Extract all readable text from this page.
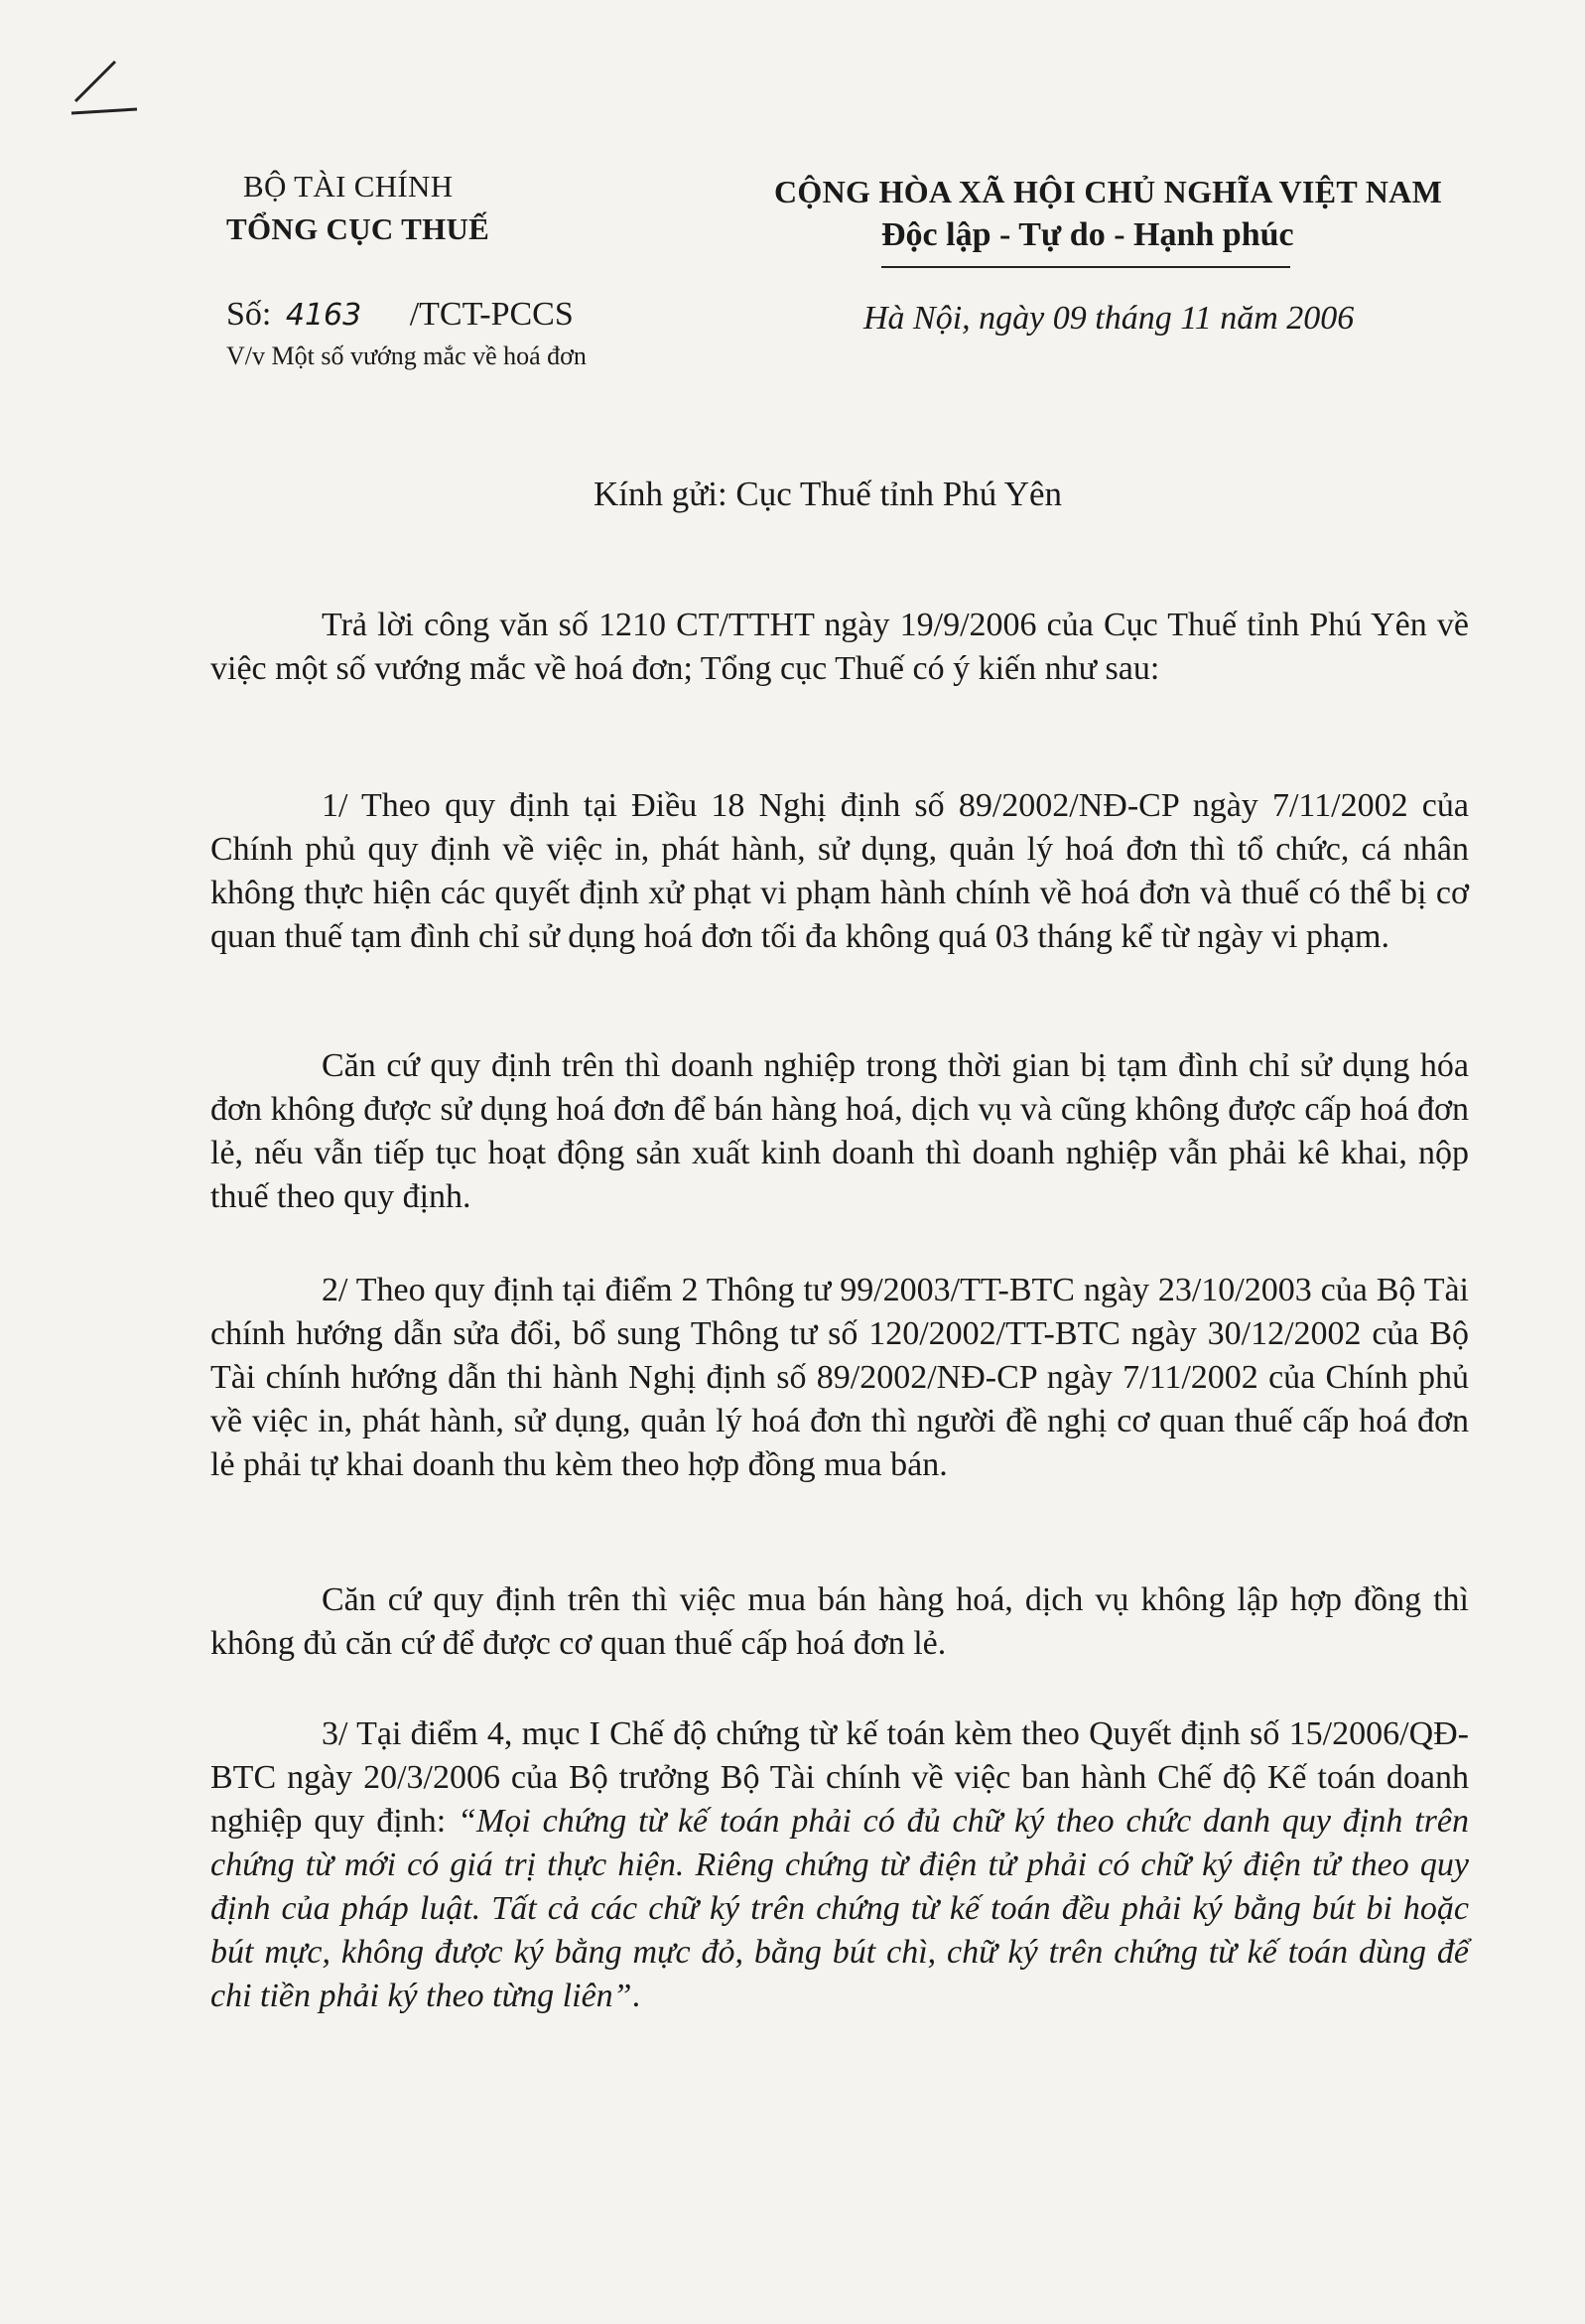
BỘ TÀI CHÍNH
TỔNG CỤC THUẾ
Số: 4163 /TCT-PCCS
V/v Một số vướng mắc về hoá đơn
CỘNG HÒA XÃ HỘI CHỦ NGHĨA VIỆT NAM
Độc lập - Tự do - Hạnh phúc
Hà Nội, ngày 09 tháng 11 năm 2006
Kính gửi: Cục Thuế tỉnh Phú Yên

Trả lời công văn số 1210 CT/TTHT ngày 19/9/2006 của Cục Thuế tỉnh Phú Yên về việc một số vướng mắc về hoá đơn; Tổng cục Thuế có ý kiến như sau:

1/ Theo quy định tại Điều 18 Nghị định số 89/2002/NĐ-CP ngày 7/11/2002 của Chính phủ quy định về việc in, phát hành, sử dụng, quản lý hoá đơn thì tổ chức, cá nhân không thực hiện các quyết định xử phạt vi phạm hành chính về hoá đơn và thuế có thể bị cơ quan thuế tạm đình chỉ sử dụng hoá đơn tối đa không quá 03 tháng kể từ ngày vi phạm.

Căn cứ quy định trên thì doanh nghiệp trong thời gian bị tạm đình chỉ sử dụng hóa đơn không được sử dụng hoá đơn để bán hàng hoá, dịch vụ và cũng không được cấp hoá đơn lẻ, nếu vẫn tiếp tục hoạt động sản xuất kinh doanh thì doanh nghiệp vẫn phải kê khai, nộp thuế theo quy định.

2/ Theo quy định tại điểm 2 Thông tư 99/2003/TT-BTC ngày 23/10/2003 của Bộ Tài chính hướng dẫn sửa đổi, bổ sung Thông tư số 120/2002/TT-BTC ngày 30/12/2002 của Bộ Tài chính hướng dẫn thi hành Nghị định số 89/2002/NĐ-CP ngày 7/11/2002 của Chính phủ về việc in, phát hành, sử dụng, quản lý hoá đơn thì người đề nghị cơ quan thuế cấp hoá đơn lẻ phải tự khai doanh thu kèm theo hợp đồng mua bán.

Căn cứ quy định trên thì việc mua bán hàng hoá, dịch vụ không lập hợp đồng thì không đủ căn cứ để được cơ quan thuế cấp hoá đơn lẻ.

3/ Tại điểm 4, mục I Chế độ chứng từ kế toán kèm theo Quyết định số 15/2006/QĐ-BTC ngày 20/3/2006 của Bộ trưởng Bộ Tài chính về việc ban hành Chế độ Kế toán doanh nghiệp quy định: “Mọi chứng từ kế toán phải có đủ chữ ký theo chức danh quy định trên chứng từ mới có giá trị thực hiện. Riêng chứng từ điện tử phải có chữ ký điện tử theo quy định của pháp luật. Tất cả các chữ ký trên chứng từ kế toán đều phải ký bằng bút bi hoặc bút mực, không được ký bằng mực đỏ, bằng bút chì, chữ ký trên chứng từ kế toán dùng để chi tiền phải ký theo từng liên”.
